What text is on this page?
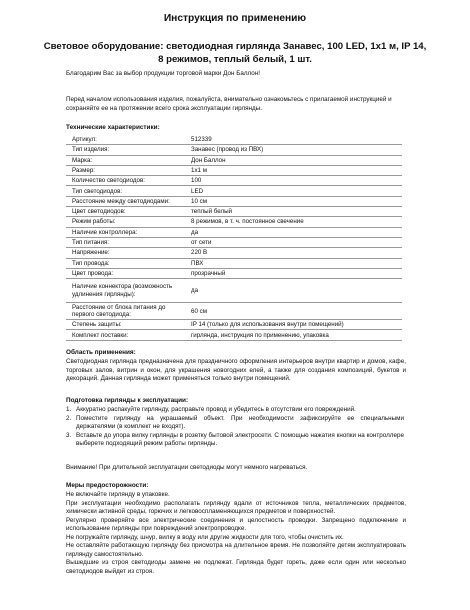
Инструкция по применению
Световое оборудование: светодиодная гирлянда Занавес, 100 LED, 1x1 м, IP 14, 8 режимов, теплый белый, 1 шт.
Благодарим Вас за выбор продукции торговой марки Дон Баллон!
Перед началом использования изделия, пожалуйста, внимательно ознакомьтесь с прилагаемой инструкцией и сохраняйте ее на протяжении всего срока эксплуатации гирлянды.
Технические характеристики:
Артикул:	512339
Тип изделия:	Занавес (провод из ПВХ)
Марка:	Дон Баллон
Размер:	1х1 м
Количество светодиодов:	100
Тип светодиодов:	LED
Расстояние между светодиодами:	10 см
Цвет светодиодов:	теплый белый
Режим работы:	8 режимов, в т. ч. постоянное свечение
Наличие контроллера:	да
Тип питания:	от сети
Напряжение:	220 В
Тип провода:	ПВХ
Цвет провода:	прозрачный
Наличие коннектора (возможность удлинения гирлянды):	да
Расстояние от блока питания до первого светодиода:	60 см
Степень защиты:	IP 14 (только для использования внутри помещений)
Комплект поставки:	гирлянда, инструкция по применению, упаковка
Область применения:
Светодиодная гирлянда предназначена для праздничного оформления интерьеров внутри квартир и домов, кафе, торговых залов, витрин и окон, для украшения новогодних елей, а также для создания композиций, букетов и декораций. Данная гирлянда может применяться только внутри помещений.
Подготовка гирлянды к эксплуатации:
1. Аккуратно распакуйте гирлянду, расправьте провод и убедитесь в отсутствии его повреждений.
2. Поместите гирлянду на украшаемый объект. При необходимости зафиксируйте ее специальными держателями (в комплект не входят).
3. Вставьте до упора вилку гирлянды в розетку бытовой электросети. С помощью нажатия кнопки на контроллере выберете подходящий режим работы гирлянды.
Внимание! При длительной эксплуатации светодиоды могут немного нагреваться.
Меры предосторожности:
Не включайте гирлянду в упаковке.
При эксплуатации необходимо располагать гирлянду вдали от источников тепла, металлических предметов, химически активной среды, горючих и легковоспламеняющихся предметов и поверхностей.
Регулярно проверяйте все электрические соединения и целостность проводки. Запрещено подключение и использование гирлянды при повреждений электропроводке.
Не погружайте гирлянду, шнур, вилку в воду или другие жидкости для того, чтобы очистить их.
Не оставляйте работающую гирлянду без присмотра на длительное время. Не позволяйте детям эксплуатировать гирлянду самостоятельно.
Вышедшие из строя светодиоды замене не подлежат. Гирлянда будет гореть, даже если один или несколько светодиодов выйдет из строя.
